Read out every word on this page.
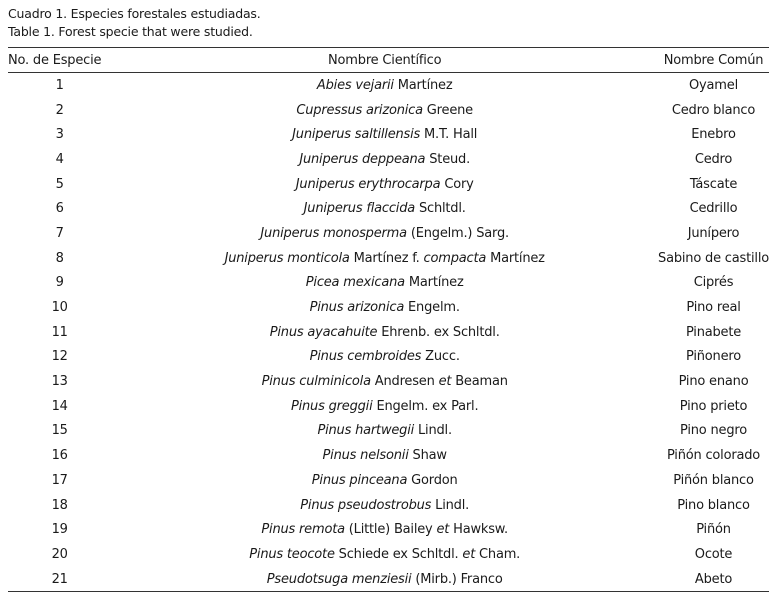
Cuadro 1. Especies forestales estudiadas.
Table 1. Forest specie that were studied.
No. de Especie	Nombre Científico	Nombre Común
1	Abies vejarii Martínez	Oyamel
2	Cupressus arizonica Greene	Cedro blanco
3	Juniperus saltillensis M.T. Hall	Enebro
4	Juniperus deppeana Steud.	Cedro
5	Juniperus erythrocarpa Cory	Táscate
6	Juniperus flaccida Schltdl.	Cedrillo
7	Juniperus monosperma (Engelm.) Sarg.	Junípero
8	Juniperus monticola Martínez f. compacta Martínez	Sabino de castillo
9	Picea mexicana Martínez	Ciprés
10	Pinus arizonica Engelm.	Pino real
11	Pinus ayacahuite Ehrenb. ex Schltdl.	Pinabete
12	Pinus cembroides Zucc.	Piñonero
13	Pinus culminicola Andresen et Beaman	Pino enano
14	Pinus greggii Engelm. ex Parl.	Pino prieto
15	Pinus hartwegii Lindl.	Pino negro
16	Pinus nelsonii Shaw	Piñón colorado
17	Pinus pinceana Gordon	Piñón blanco
18	Pinus pseudostrobus Lindl.	Pino blanco
19	Pinus remota (Little) Bailey et Hawksw.	Piñón
20	Pinus teocote Schiede ex Schltdl. et Cham.	Ocote
21	Pseudotsuga menziesii (Mirb.) Franco	Abeto
